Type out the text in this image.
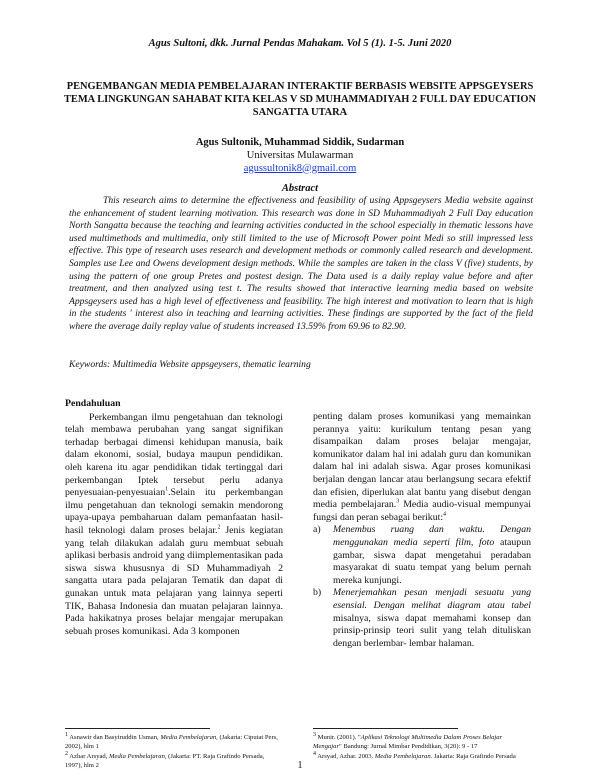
Agus Sultoni, dkk. Jurnal Pendas Mahakam. Vol 5 (1). 1-5. Juni 2020
PENGEMBANGAN MEDIA PEMBELAJARAN INTERAKTIF BERBASIS WEBSITE APPSGEYSERS TEMA LINGKUNGAN SAHABAT KITA KELAS V SD MUHAMMADIYAH 2 FULL DAY EDUCATION SANGATTA UTARA
Agus Sultonik, Muhammad Siddik, Sudarman
Universitas Mulawarman
agussultonik8@gmail.com
Abstract
This research aims to determine the effectiveness and feasibility of using Appsgeysers Media website against the enhancement of student learning motivation. This research was done in SD Muhammadiyah 2 Full Day education North Sangatta because the teaching and learning activities conducted in the school especially in thematic lessons have used multimethods and multimedia, only still limited to the use of Microsoft Power point Medi so still impressed less effective. This type of research uses research and development methods or commonly called research and development. Samples use Lee and Owens development design methods. While the samples are taken in the class V (five) students, by using the pattern of one group Pretes and postest design. The Data used is a daily replay value before and after treatment, and then analyzed using test t. The results showed that interactive learning media based on website Appsgeysers used has a high level of effectiveness and feasibility. The high interest and motivation to learn that is high in the students ' interest also in teaching and learning activities. These findings are supported by the fact of the field where the average daily replay value of students increased 13.59% from 69.96 to 82.90.
Keywords: Multimedia Website appsgeysers, thematic learning
Pendahuluan

Perkembangan ilmu pengetahuan dan teknologi telah membawa perubahan yang sangat signifikan terhadap berbagai dimensi kehidupan manusia, baik dalam ekonomi, sosial, budaya maupun pendidikan. oleh karena itu agar pendidikan tidak tertinggal dari perkembangan Iptek tersebut perlu adanya penyesuaian-penyesuaian$^1$.Selain itu perkembangan ilmu pengetahuan dan teknologi semakin mendorong upaya-upaya pembaharuan dalam pemanfaatan hasil-hasil teknologi dalam proses belajar.$^2$ Jenis kegiatan yang telah dilakukan adalah guru membuat sebuah aplikasi berbasis android yang diimplementasikan pada siswa siswa khususnya di SD Muhammadiyah 2 sangatta utara pada pelajaran Tematik dan dapat di gunakan untuk mata pelajaran yang lainnya seperti TIK, Bahasa Indonesia dan muatan pelajaran lainnya. Pada hakikatnya proses belajar mengajar merupakan sebuah proses komunikasi. Ada 3 komponen

penting dalam proses komunikasi yang memainkan perannya yaitu: kurikulum tentang pesan yang disampaikan dalam proses belajar mengajar, komunikator dalam hal ini adalah guru dan komunikan dalam hal ini adalah siswa. Agar proses komunikasi berjalan dengan lancar atau berlangsung secara efektif dan efisien, diperlukan alat bantu yang disebut dengan media pembelajaran.$^3$ Media audio-visual mempunyai fungsi dan peran sebagai berikut:$^4$

a) Menembus ruang dan waktu. Dengan menggunakan media seperti film, foto ataupun gambar, siswa dapat mengetahui peradaban masyarakat di suatu tempat yang belum pernah mereka kunjungi.
b) Menerjemahkan pesan menjadi sesuatu yang esensial. Dengan melihat diagram atau tabel misalnya, siswa dapat memahami konsep dan prinsip-prinsip teori sulit yang telah dituliskan dengan berlembar- lembar halaman.
$^1$ Asnawir dan Basyiruddin Usman, Media Pembelajaran, (Jakarta: Ciputat Pers, 2002), hlm 1
$^2$ Azhar Arsyad, Media Pembelajaran, (Jakarta: PT. Raja Grafindo Persada, 1997), hlm 2
$^3$ Munir. (2001). "Aplikasi Teknologi Multimedia Dalam Proses Belajar Mengajar" Bandung: Jurnal Mimbar Pendidikan, 3(20): 9 - 17
$^4$ Arsyad, Azhar. 2003. Media Pembelajaran. Jakarta: Raja Grafindo Persada
1
